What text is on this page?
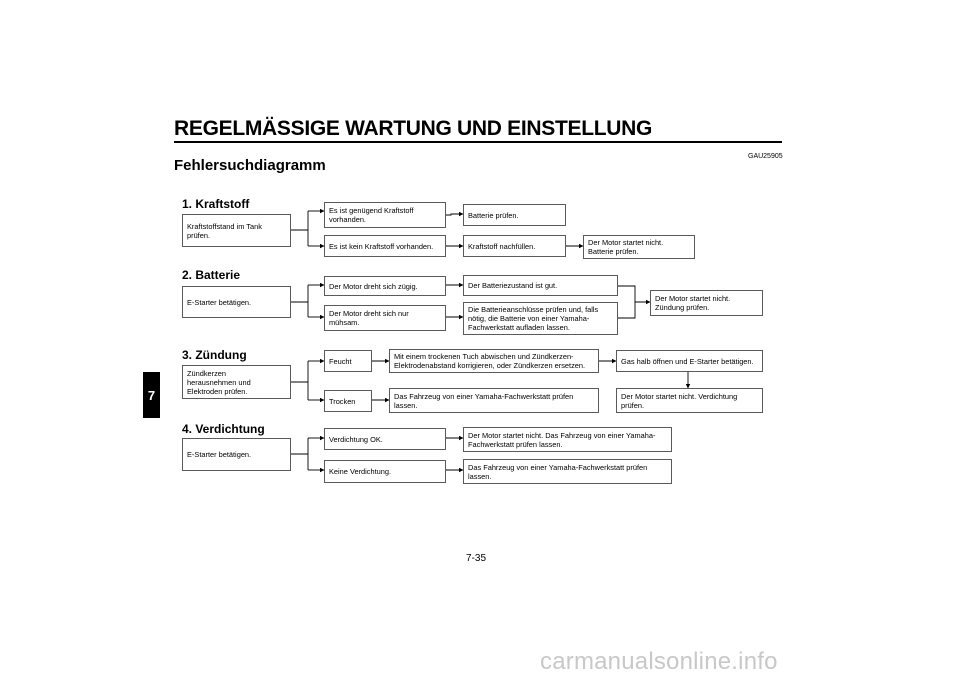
REGELMÄSSIGE WARTUNG UND EINSTELLUNG
Fehlersuchdiagramm
GAU25905
7
1. Kraftstoff
Kraftstoffstand im Tank
prüfen.
Es ist genügend Kraftstoff
vorhanden.
Es ist kein Kraftstoff vorhanden.
Batterie prüfen.
Kraftstoff nachfüllen.	Der Motor startet nicht.
Batterie prüfen.
2. Batterie
E-Starter betätigen.
Der Motor dreht sich zügig.
Der Motor dreht sich nur
mühsam.
Der Batteriezustand ist gut.
Die Batterieanschlüsse prüfen und, falls
nötig, die Batterie von einer Yamaha-
Fachwerkstatt aufladen lassen.
Der Motor startet nicht.
Zündung prüfen.
3. Zündung
Zündkerzen
herausnehmen und
Elektroden prüfen.
Feucht
Trocken
Mit einem trockenen Tuch abwischen und Zündkerzen-
Elektrodenabstand korrigieren, oder Zündkerzen ersetzen.
Das Fahrzeug von einer Yamaha-Fachwerkstatt prüfen
lassen.
Gas halb öffnen und E-Starter betätigen.
Der Motor startet nicht. Verdichtung
prüfen.
4. Verdichtung
E-Starter betätigen.
Verdichtung OK.
Keine Verdichtung.
Der Motor startet nicht. Das Fahrzeug von einer Yamaha-
Fachwerkstatt prüfen lassen.
Das Fahrzeug von einer Yamaha-Fachwerkstatt prüfen
lassen.
7-35
carmanualsonline.info
